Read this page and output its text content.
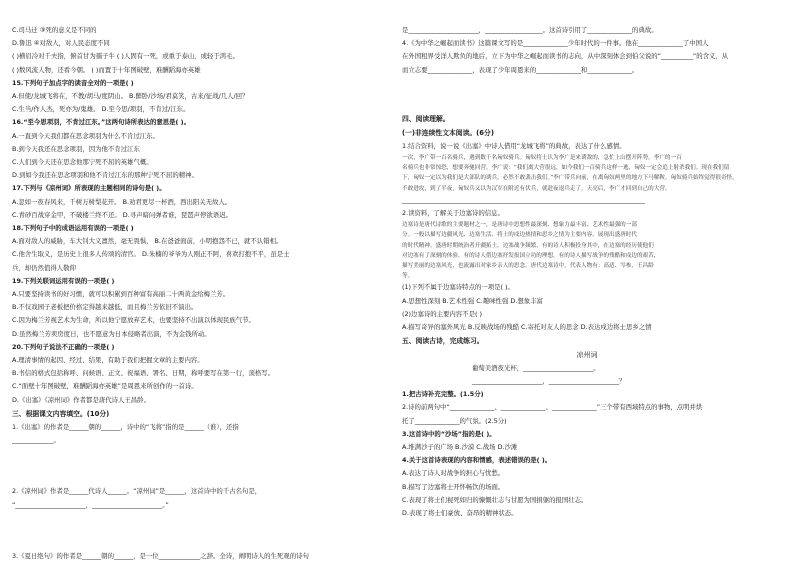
C.司马迁 ③死的意义是不同的

D.鲁迅 ④对敌人，对人民态度不同

( )横眉冷对千夫指，俯首甘为孺子牛 ( )人固有一死，或重于泰山，或轻于鸿毛。

( )数风流人物，还看今朝。 ( )而置于十年图破壁，难酬蹈海亦英雄

15.下列句子加点字的读音全对的一项是( )

A.但使/龙城飞将在，不教/胡马/度阴山。 B.醉卧/沙场/君莫笑，古来/征战/几人/回？

C.生当/作人杰，死亦为/鬼雄。 D.至今思/项羽，不肯过/江东。

16.“至今思项羽，不肯过江东。”这两句诗所表达的意思是( )。

A.一直到今天我们都在思念项羽为什么不肯过江东。

B.到今天我还在思念项羽，因为他不肯过江东

C.人们到今天还在思念他那宁死不屈的英雄气概。

D.到如今我还在思念项羽和他不肯过江东的那种宁死不屈的精神。

17.下列与《凉州词》所表现的主题相同的诗句是( )。

A.忽如一夜春风来，千树万树梨花开。 B.劝君更尽一杯酒，西出阳关无故人。

C.青砂百战穿金甲，不破楼兰终不还。 D.寻声暗问弹者谁，琵琶声停欲语迟。

18.下列句子中的成语运用有误的一项是( )

A.面对敌人的威胁，车大钊大义凛然，毫无畏惧， B.在爸爸面前，小明抱怨不已，就不认错相。

C.他舍生取义，是历史上很多人传颂的清官。 D.朱楠的爷爷为人刚正不阿，喜欢打抱不平，虽是士

兵，却仍然值得人敬仰

19.下列关联词运用有误的一项是( )

A.只要坚持读书的好习惯，就可以积累到百种富有高丽二十两黄金给梅兰芳。

B.不仅戏园子老板把价格定得越来越低，而且梅兰芳依旧不演出。

C.因为梅兰芳视艺术为生命，所以他宁愿放弃艺术，也要坚持不出演以体现民族气节。

D.虽然梅兰芳卖房度日，也不愿意为日本侵略者出演，不为金钱所动。

20.下列句子说法不正确的一项是( )

A.理清事情的起因、经过、结果，有助于我们把握文章的主要内容。

B.书信的格式包括称呼、问候语、正文、祝福语、署名、日期，称呼要写在第一行，顶格写。

C.“面壁十年图破壁，难酬蹈海亦英雄”是周恩来所创作的一首诗。

D.《出塞》《凉州词》作者都是唐代诗人王昌龄。

三、根据课文内容填空。(10分)

1.《出塞》的作者是______朝的______，诗中的“飞将”指的是______（谁），还指

_____________。

2.《凉州词》作者是______代诗人______。“凉州词”是______，这首诗中的千古名句是，

“______________________，______________________。”

3.《夏日绝句》的作者是______朝的______，是一位_____________之辞。全诗，阐明诗人的生死观的诗句

是______________________，__________________。这首诗引用了______________的典故。

4.《为中华之崛起而读书》这篇课文写的是______________少年时代的一件事。他在______________了中国人

在外国租界受洋人欺负的地后，立下为中华之崛起而读书的志向，从中深刻体会到伯父说的“__________”的含义，从

而立志要______________，表现了少年周恩来的______________和______________。

四、阅读理解。

(一)非连续性文本阅读。(6分)

1.结合资料，说一说《出塞》中诗人借用“龙城飞将”的典故，表达了什么感情。

一次，李广带一百名骑兵，遇到数千名匈奴骑兵。匈奴将士认为李广是来诱敌的，急忙上山摆开阵势。李广的一百

名骑兵也非常惊恐，想要奔驰回营。李广说：“我们离大营很远，如今我们一百骑兵这样一逃，匈奴一定会追上射杀我们。现在我们留

下，匈奴一定以为我们是大部队的诱兵，必然不敢袭击我们。”李广带兵向前，在离匈奴两里的地方下马解鞍。匈奴骑兵始终觉得很奇怪，

不敢进攻，到了半夜，匈奴兵又以为汉军在附近有伏兵，就趁夜退兵走了。天亮后，李广才回到自己的大营。

____________________________________________________________________________

2.读资料，了解关于边塞诗的信息。

边塞诗是唐代诗歌的主要题材之一，是唐诗中思想性最深刻、想象力最丰富、艺术性最强的一部

分。一般以描写边疆风光、边塞生活、将士的戍边热情和思乡之情为主要内容，展现出盛唐时代

的时代精神。盛唐时期统治者开疆拓土，边塞战争频繁，有的诗人积极投身其中，在边塞的经历使他们

对边塞有了深刻的体验，有的诗人借边塞抒发报国立功的理想，有的诗人描写战争的残酷和戍边的艰苦，

描写美丽的边塞风光，也流露出对家乡亲人的思念。唐代边塞诗中，代表人物有：高适、岑参、王昌龄

等。

(1)下列不属于边塞诗特点的一项是( )。

A.思想性深刻 B.艺术性强 C.趣味性强 D.想象丰富

(2)边塞诗的主要内容不是( )

A.描写奇异的塞外风光 B.反映战场的残酷 C.寄托对友人的思念 D.表达戍边将士思乡之情

五、阅读古诗，完成练习。

凉州词

葡萄美酒夜光杯，______________________。

______________________，______________________？

1.把古诗补充完整。(1.5分)

2.诗的前两句中“______________、______________、______________”三个带有西域特点的事物，点明并烘

托了______________的气氛。(2.5分)

3.这首诗中的“沙场”指的是( )。

A.堆满沙子的广场 B.沙漠 C.战场 D.沙滩

4.关于这首诗表现的内容和情感，表述错误的是( )。

A.表达了诗人对战争的担心与忧愁。

B.描写了边塞将士开怀畅饮的场面。

C.表现了将士们视死如归的慷慨壮志与甘愿为国捐躯的报国壮志。

D.表现了将士们豪放、奋昂的精神状态。
